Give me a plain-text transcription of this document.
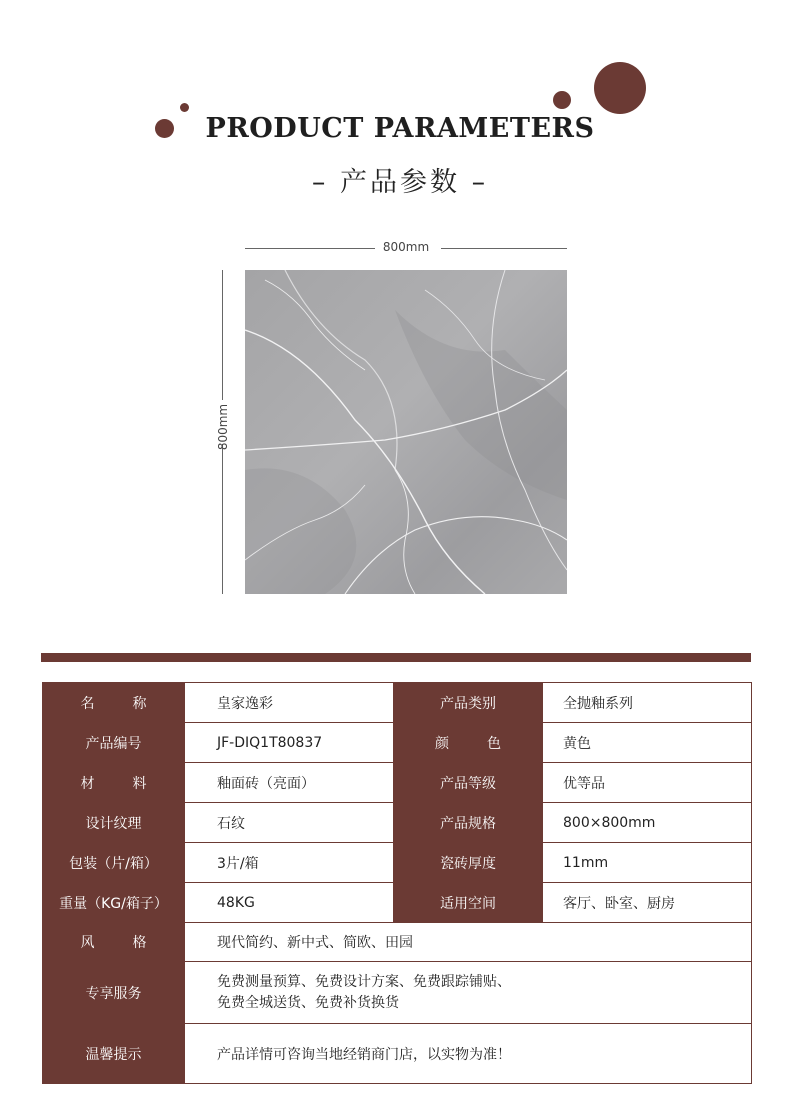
PRODUCT PARAMETERS
– 产品参数 –
800mm
800mm
名称	皇家逸彩	产品类别	全抛釉系列
产品编号	JF-DIQ1T80837	颜色	黄色
材料	釉面砖（亮面）	产品等级	优等品
设计纹理	石纹	产品规格	800×800mm
包装（片/箱）	3片/箱	瓷砖厚度	11mm
重量（KG/箱子）	48KG	适用空间	客厅、卧室、厨房
风格	现代简约、新中式、简欧、田园		
专享服务	免费测量预算、免费设计方案、免费跟踪铺贴、
免费全城送货、免费补货换货		

温馨提示	产品详情可咨询当地经销商门店，以实物为准！		
